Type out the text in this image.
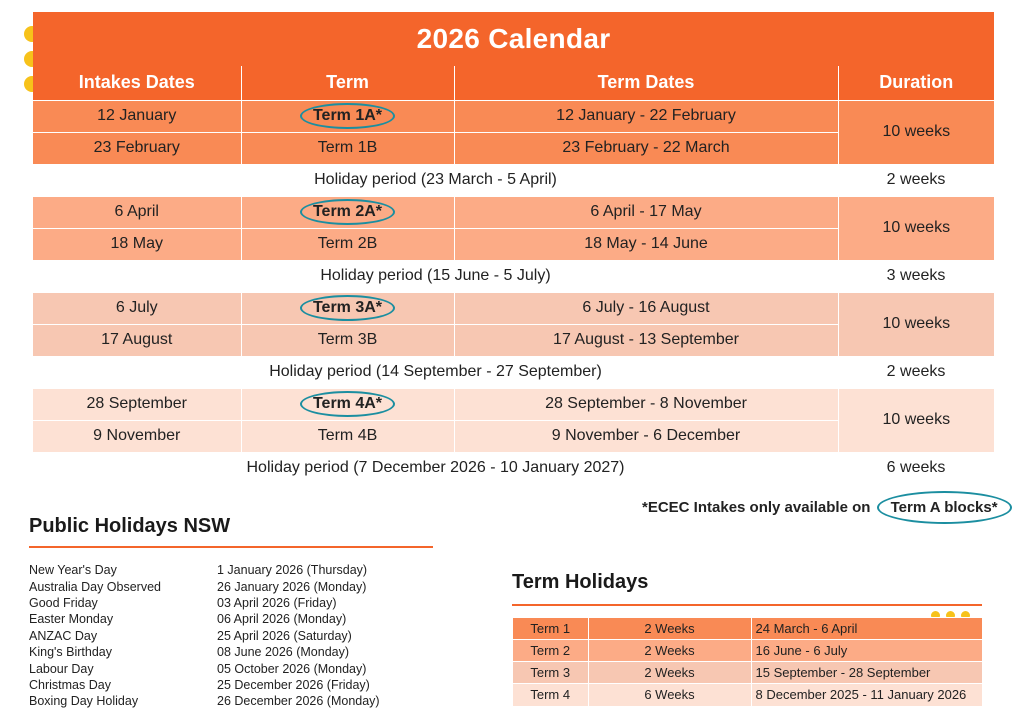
2026 Calendar			
Intakes Dates	Term	Term Dates	Duration
12 January	Term 1A*	12 January - 22 February	10 weeks
23 February	Term 1B	23 February - 22 March	
Holiday period (23 March - 5 April)			2 weeks
6 April	Term 2A*	6 April - 17 May	10 weeks
18 May	Term 2B	18 May - 14 June	
Holiday period (15 June - 5 July)			3 weeks
6 July	Term 3A*	6 July - 16 August	10 weeks
17 August	Term 3B	17 August - 13 September	
Holiday period (14 September - 27 September)			2 weeks
28 September	Term 4A*	28 September - 8 November	10 weeks
9 November	Term 4B	9 November - 6 December	
Holiday period (7 December 2026 - 10 January 2027)			6 weeks
*ECEC Intakes only available on Term A blocks*
Public Holidays NSW
New Year's Day	1 January 2026 (Thursday)
Australia Day Observed	26 January 2026 (Monday)
Good Friday	03 April 2026 (Friday)
Easter Monday	06 April 2026 (Monday)
ANZAC Day	25 April 2026 (Saturday)
King's Birthday	08 June 2026 (Monday)
Labour Day	05 October 2026 (Monday)
Christmas Day	25 December 2026 (Friday)
Boxing Day Holiday	26 December 2026 (Monday)
Term Holidays
Term 1	2 Weeks	24 March - 6 April
Term 2	2 Weeks	16 June - 6 July
Term 3	2 Weeks	15 September - 28 September
Term 4	6 Weeks	8 December 2025 - 11 January 2026
